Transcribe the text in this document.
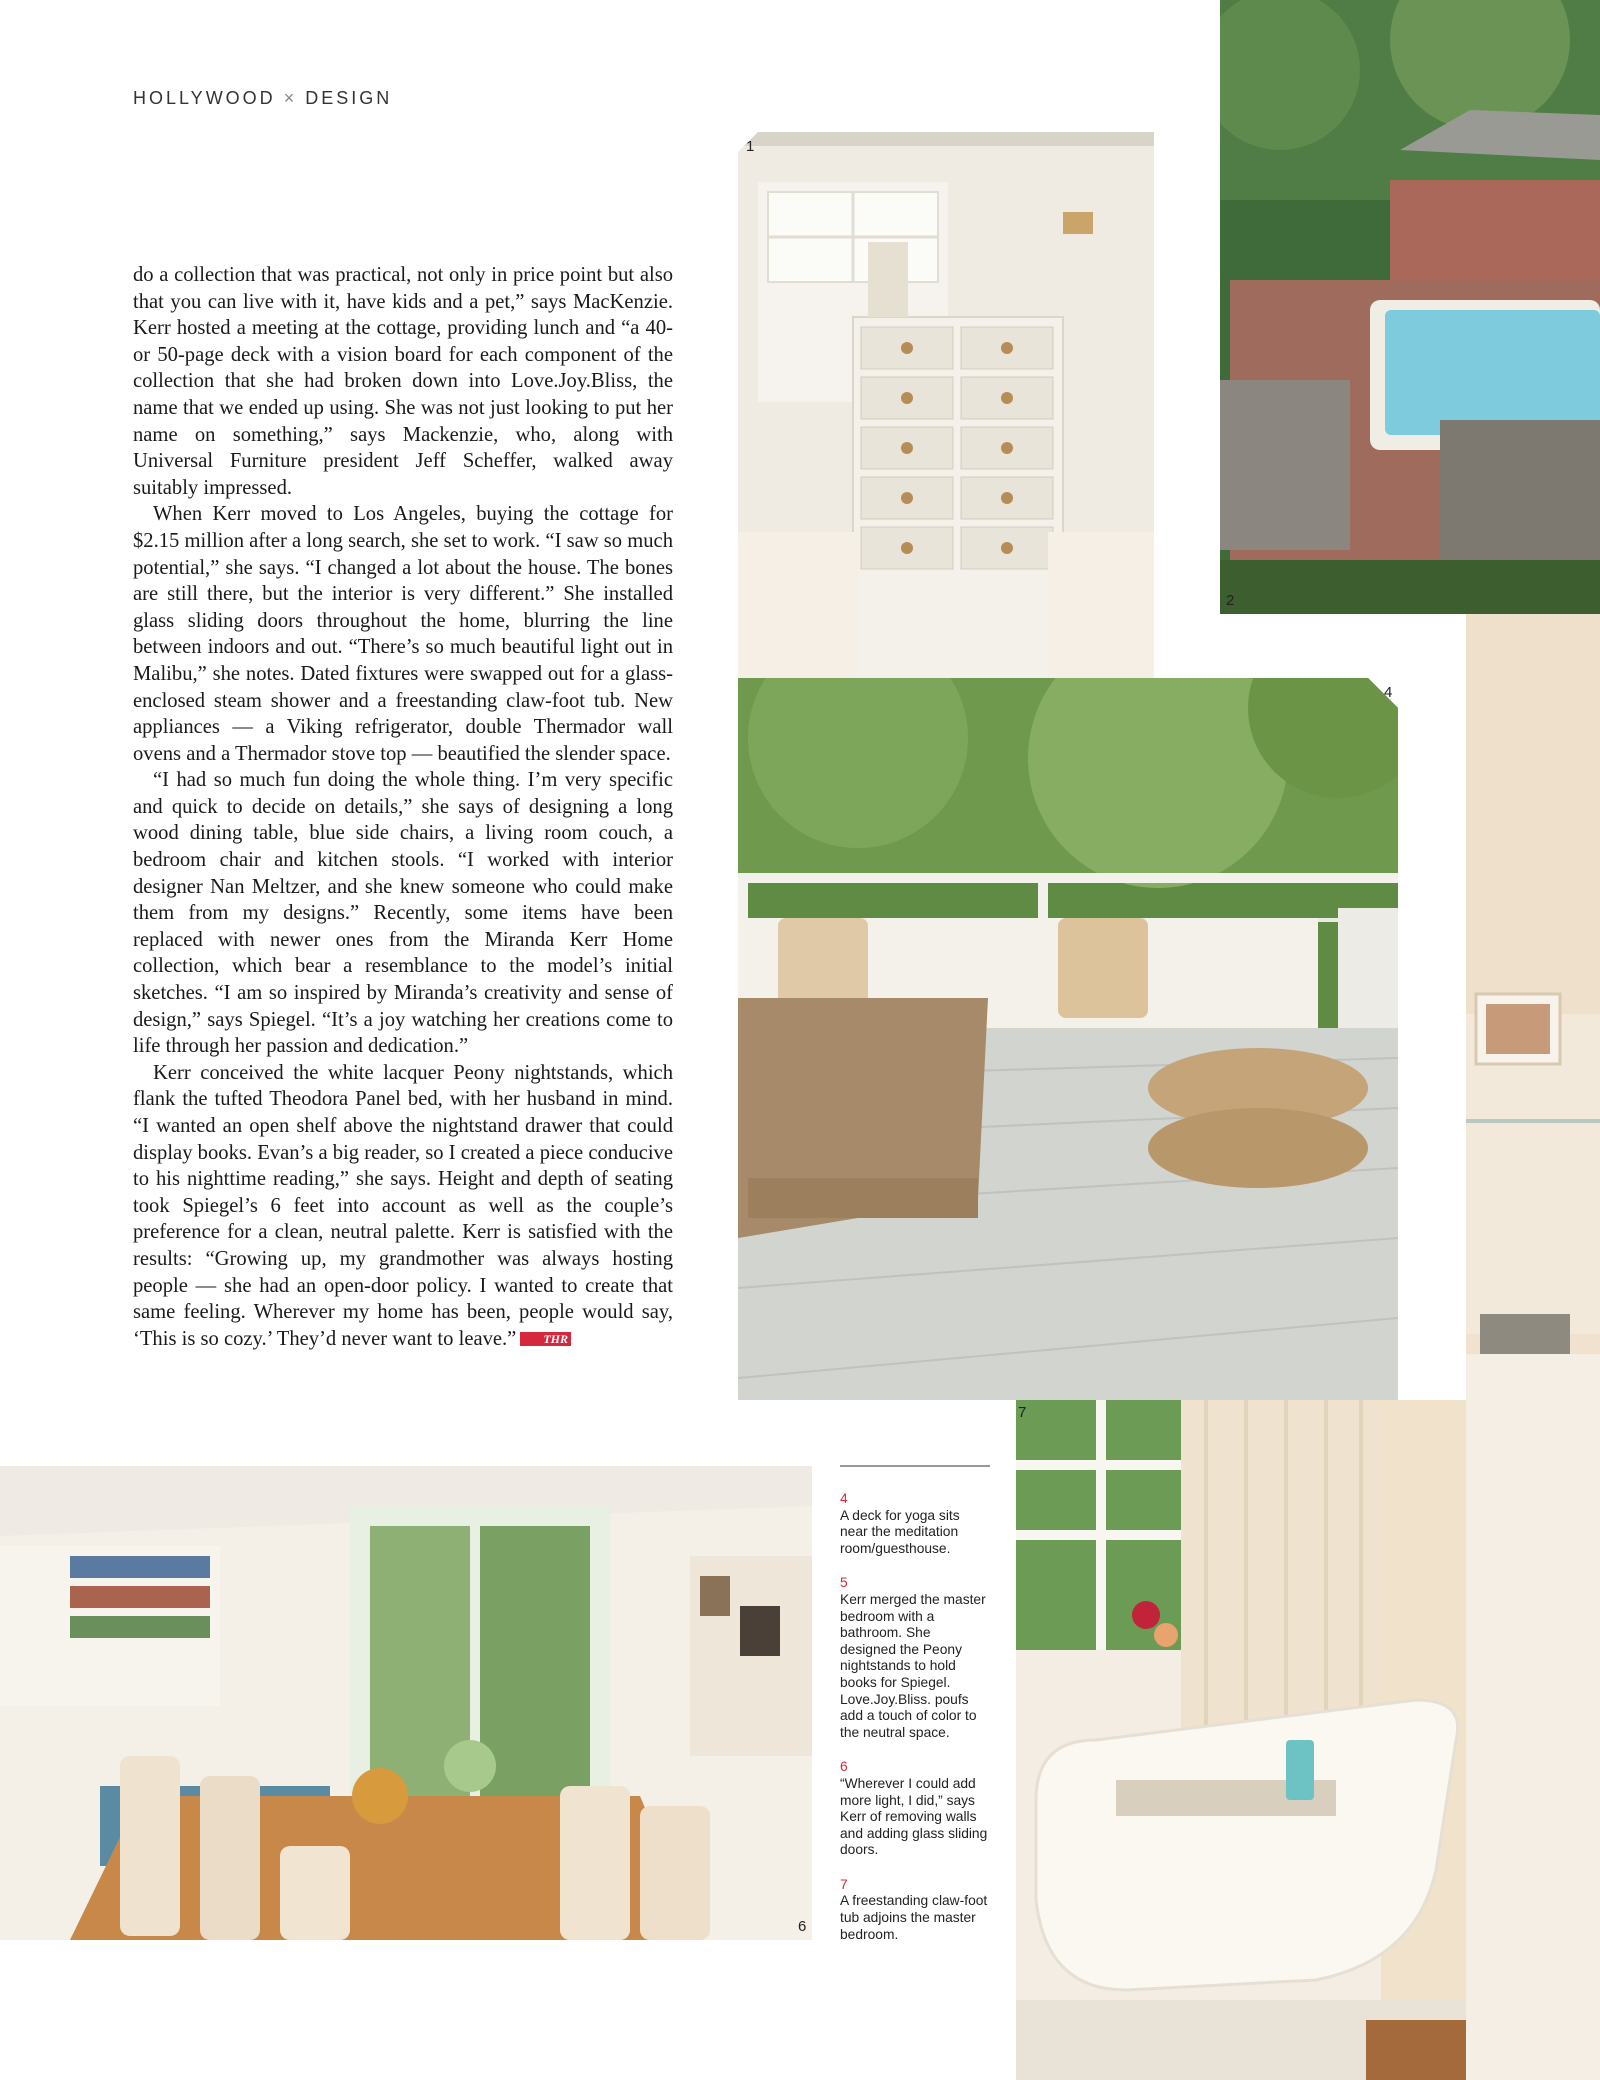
HOLLYWOOD × DESIGN

do a collection that was practical, not only in price point but also that you can live with it, have kids and a pet,” says MacKenzie. Kerr hosted a meeting at the cottage, providing lunch and “a 40- or 50-page deck with a vision board for each component of the collection that she had broken down into Love.Joy.Bliss, the name that we ended up using. She was not just looking to put her name on something,” says Mackenzie, who, along with Universal Furniture president Jeff Scheffer, walked away suitably impressed.

When Kerr moved to Los Angeles, buying the cottage for $2.15 million after a long search, she set to work. “I saw so much potential,” she says. “I changed a lot about the house. The bones are still there, but the interior is very different.” She installed glass sliding doors throughout the home, blurring the line between indoors and out. “There’s so much beautiful light out in Malibu,” she notes. Dated fixtures were swapped out for a glass-enclosed steam shower and a freestanding claw-foot tub. New appliances — a Viking refrigerator, double Thermador wall ovens and a Thermador stove top — beautified the slender space.

“I had so much fun doing the whole thing. I’m very specific and quick to decide on details,” she says of designing a long wood dining table, blue side chairs, a living room couch, a bedroom chair and kitchen stools. “I worked with interior designer Nan Meltzer, and she knew someone who could make them from my designs.” Recently, some items have been replaced with newer ones from the Miranda Kerr Home collection, which bear a resemblance to the model’s initial sketches. “I am so inspired by Miranda’s creativity and sense of design,” says Spiegel. “It’s a joy watching her creations come to life through her passion and dedication.”

Kerr conceived the white lacquer Peony nightstands, which flank the tufted Theodora Panel bed, with her husband in mind. “I wanted an open shelf above the nightstand drawer that could display books. Evan’s a big reader, so I created a piece conducive to his nighttime reading,” she says. Height and depth of seating took Spiegel’s 6 feet into account as well as the couple’s preference for a clean, neutral palette. Kerr is satisfied with the results: “Growing up, my grandmother was always hosting people — she had an open-door policy. I wanted to create that same feeling. Wherever my home has been, people would say, ‘This is so cozy.’ They’d never want to leave.” THR

1
2
4
6
7
4
A deck for yoga sits near the meditation room/guesthouse.
5
Kerr merged the master bedroom with a bathroom. She designed the Peony nightstands to hold books for Spiegel. Love.Joy.Bliss. poufs add a touch of color to the neutral space.
6
“Wherever I could add more light, I did,” says Kerr of removing walls and adding glass sliding doors.
7
A freestanding claw-foot tub adjoins the master bedroom.
